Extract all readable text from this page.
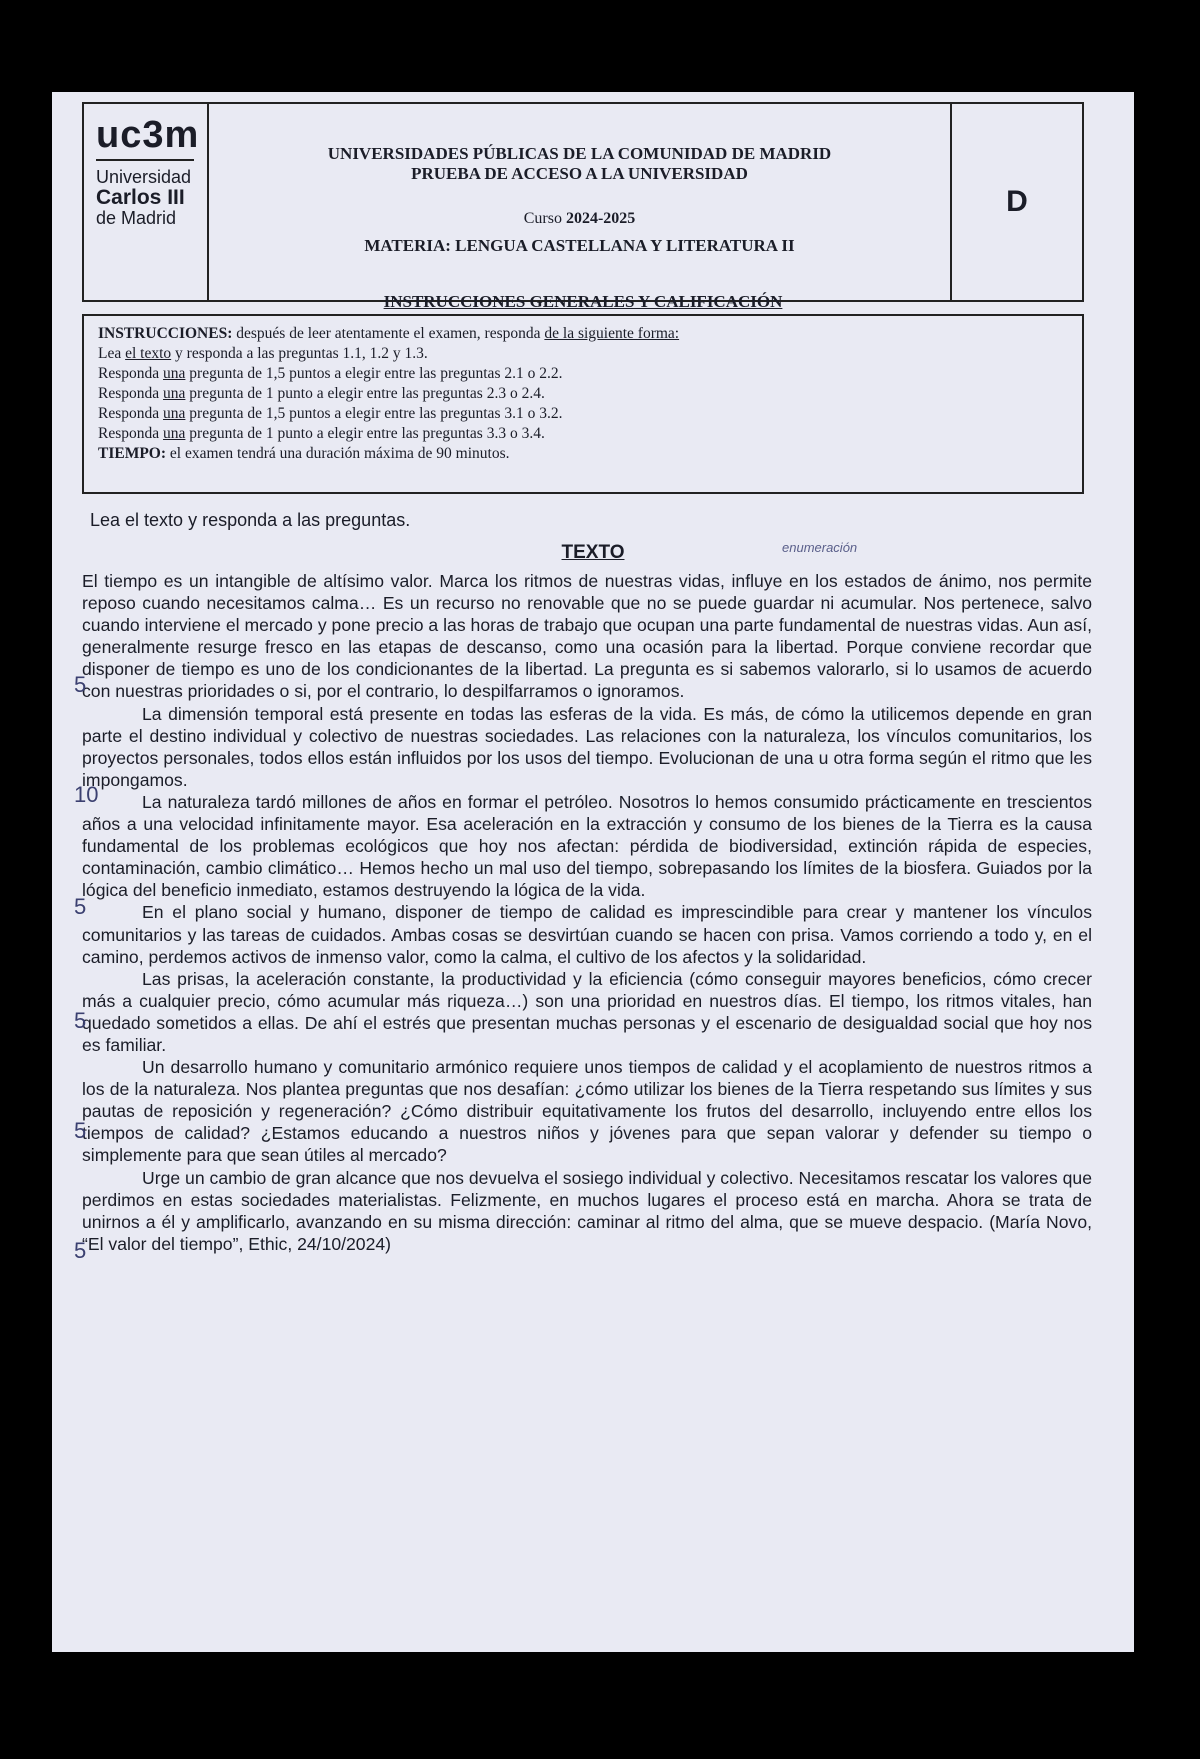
uc3m
Universidad
Carlos III
de Madrid
UNIVERSIDADES PÚBLICAS DE LA COMUNIDAD DE MADRID
PRUEBA DE ACCESO A LA UNIVERSIDAD
Curso 2024-2025
MATERIA: LENGUA CASTELLANA Y LITERATURA II
D
INSTRUCCIONES GENERALES Y CALIFICACIÓN
INSTRUCCIONES: después de leer atentamente el examen, responda de la siguiente forma:
Lea el texto y responda a las preguntas 1.1, 1.2 y 1.3.
Responda una pregunta de 1,5 puntos a elegir entre las preguntas 2.1 o 2.2.
Responda una pregunta de 1 punto a elegir entre las preguntas 2.3 o 2.4.
Responda una pregunta de 1,5 puntos a elegir entre las preguntas 3.1 o 3.2.
Responda una pregunta de 1 punto a elegir entre las preguntas 3.3 o 3.4.
TIEMPO: el examen tendrá una duración máxima de 90 minutos.
Lea el texto y responda a las preguntas.
TEXTO	enumeración
5
10
5
5
5
5

El tiempo es un intangible de altísimo valor. Marca los ritmos de nuestras vidas, influye en los estados de ánimo, nos permite reposo cuando necesitamos calma… Es un recurso no renovable que no se puede guardar ni acumular. Nos pertenece, salvo cuando interviene el mercado y pone precio a las horas de trabajo que ocupan una parte fundamental de nuestras vidas. Aun así, generalmente resurge fresco en las etapas de descanso, como una ocasión para la libertad. Porque conviene recordar que disponer de tiempo es uno de los condicionantes de la libertad. La pregunta es si sabemos valorarlo, si lo usamos de acuerdo con nuestras prioridades o si, por el contrario, lo despilfarramos o ignoramos.

La dimensión temporal está presente en todas las esferas de la vida. Es más, de cómo la utilicemos depende en gran parte el destino individual y colectivo de nuestras sociedades. Las relaciones con la naturaleza, los vínculos comunitarios, los proyectos personales, todos ellos están influidos por los usos del tiempo. Evolucionan de una u otra forma según el ritmo que les impongamos.

La naturaleza tardó millones de años en formar el petróleo. Nosotros lo hemos consumido prácticamente en trescientos años a una velocidad infinitamente mayor. Esa aceleración en la extracción y consumo de los bienes de la Tierra es la causa fundamental de los problemas ecológicos que hoy nos afectan: pérdida de biodiversidad, extinción rápida de especies, contaminación, cambio climático… Hemos hecho un mal uso del tiempo, sobrepasando los límites de la biosfera. Guiados por la lógica del beneficio inmediato, estamos destruyendo la lógica de la vida.

En el plano social y humano, disponer de tiempo de calidad es imprescindible para crear y mantener los vínculos comunitarios y las tareas de cuidados. Ambas cosas se desvirtúan cuando se hacen con prisa. Vamos corriendo a todo y, en el camino, perdemos activos de inmenso valor, como la calma, el cultivo de los afectos y la solidaridad.

Las prisas, la aceleración constante, la productividad y la eficiencia (cómo conseguir mayores beneficios, cómo crecer más a cualquier precio, cómo acumular más riqueza…) son una prioridad en nuestros días. El tiempo, los ritmos vitales, han quedado sometidos a ellas. De ahí el estrés que presentan muchas personas y el escenario de desigualdad social que hoy nos es familiar.

Un desarrollo humano y comunitario armónico requiere unos tiempos de calidad y el acoplamiento de nuestros ritmos a los de la naturaleza. Nos plantea preguntas que nos desafían: ¿cómo utilizar los bienes de la Tierra respetando sus límites y sus pautas de reposición y regeneración? ¿Cómo distribuir equitativamente los frutos del desarrollo, incluyendo entre ellos los tiempos de calidad? ¿Estamos educando a nuestros niños y jóvenes para que sepan valorar y defender su tiempo o simplemente para que sean útiles al mercado?

Urge un cambio de gran alcance que nos devuelva el sosiego individual y colectivo. Necesitamos rescatar los valores que perdimos en estas sociedades materialistas. Felizmente, en muchos lugares el proceso está en marcha. Ahora se trata de unirnos a él y amplificarlo, avanzando en su misma dirección: caminar al ritmo del alma, que se mueve despacio. (María Novo, “El valor del tiempo”, Ethic, 24/10/2024)
